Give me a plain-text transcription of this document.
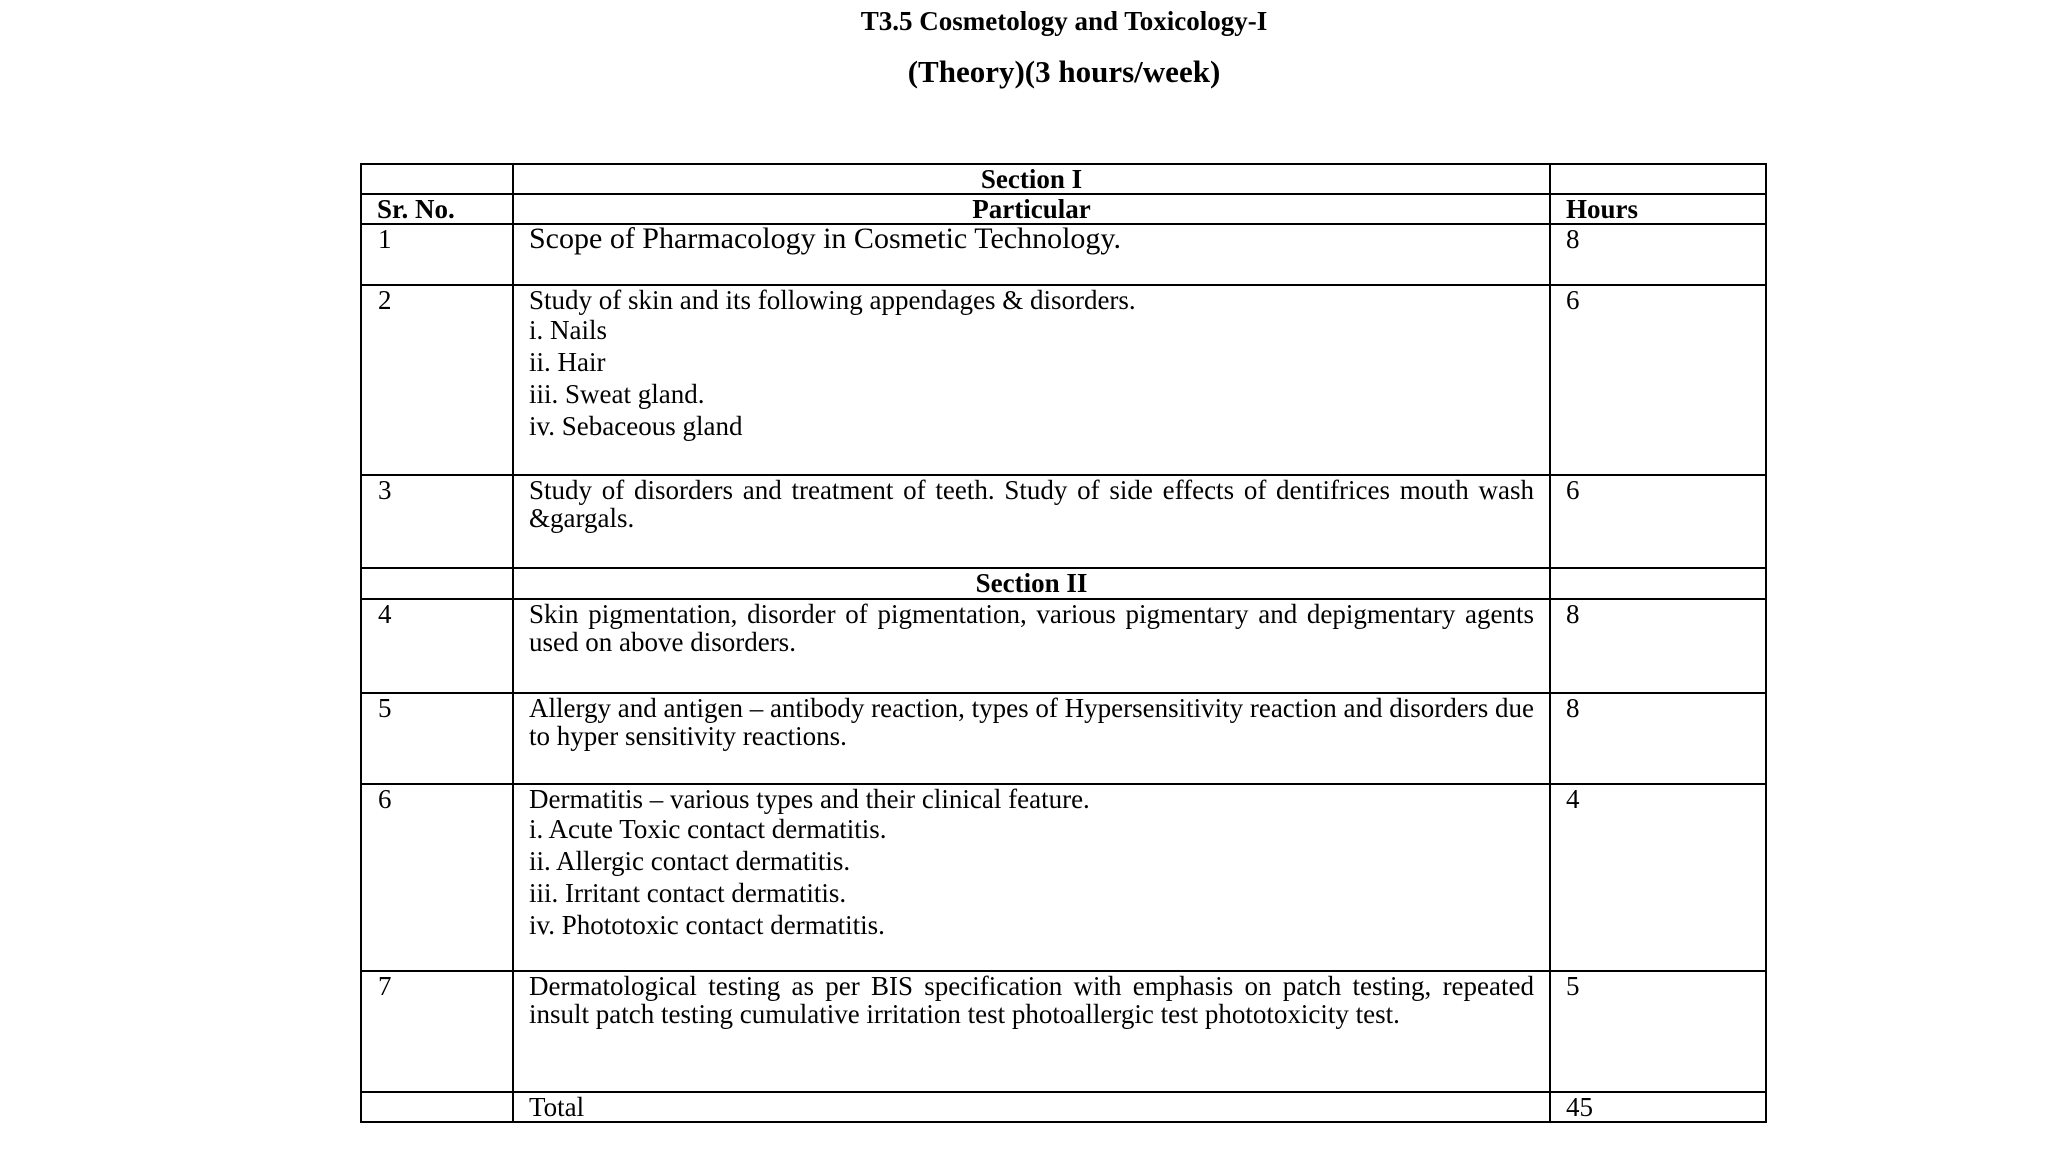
T3.5 Cosmetology and Toxicology-I
(Theory)(3 hours/week)
	Section I	
Sr. No.	Particular	Hours
1	Scope of Pharmacology in Cosmetic Technology.	8
2	Study of skin and its following appendages & disorders.
i. Nails
ii. Hair
iii. Sweat gland.
iv. Sebaceous gland	6
3	Study of disorders and treatment of teeth. Study of side effects of dentifrices mouth wash &gargals.	6
	Section II	
4	Skin pigmentation, disorder of pigmentation, various pigmentary and depigmentary agents used on above disorders.	8
5	Allergy and antigen – antibody reaction, types of Hypersensitivity reaction and disorders due to hyper sensitivity reactions.	8
6	Dermatitis – various types and their clinical feature.
i. Acute Toxic contact dermatitis.
ii. Allergic contact dermatitis.
iii. Irritant contact dermatitis.
iv. Phototoxic contact dermatitis.	4
7	Dermatological testing as per BIS specification with emphasis on patch testing, repeated insult patch testing cumulative irritation test photoallergic test phototoxicity test.	5
	Total	45
